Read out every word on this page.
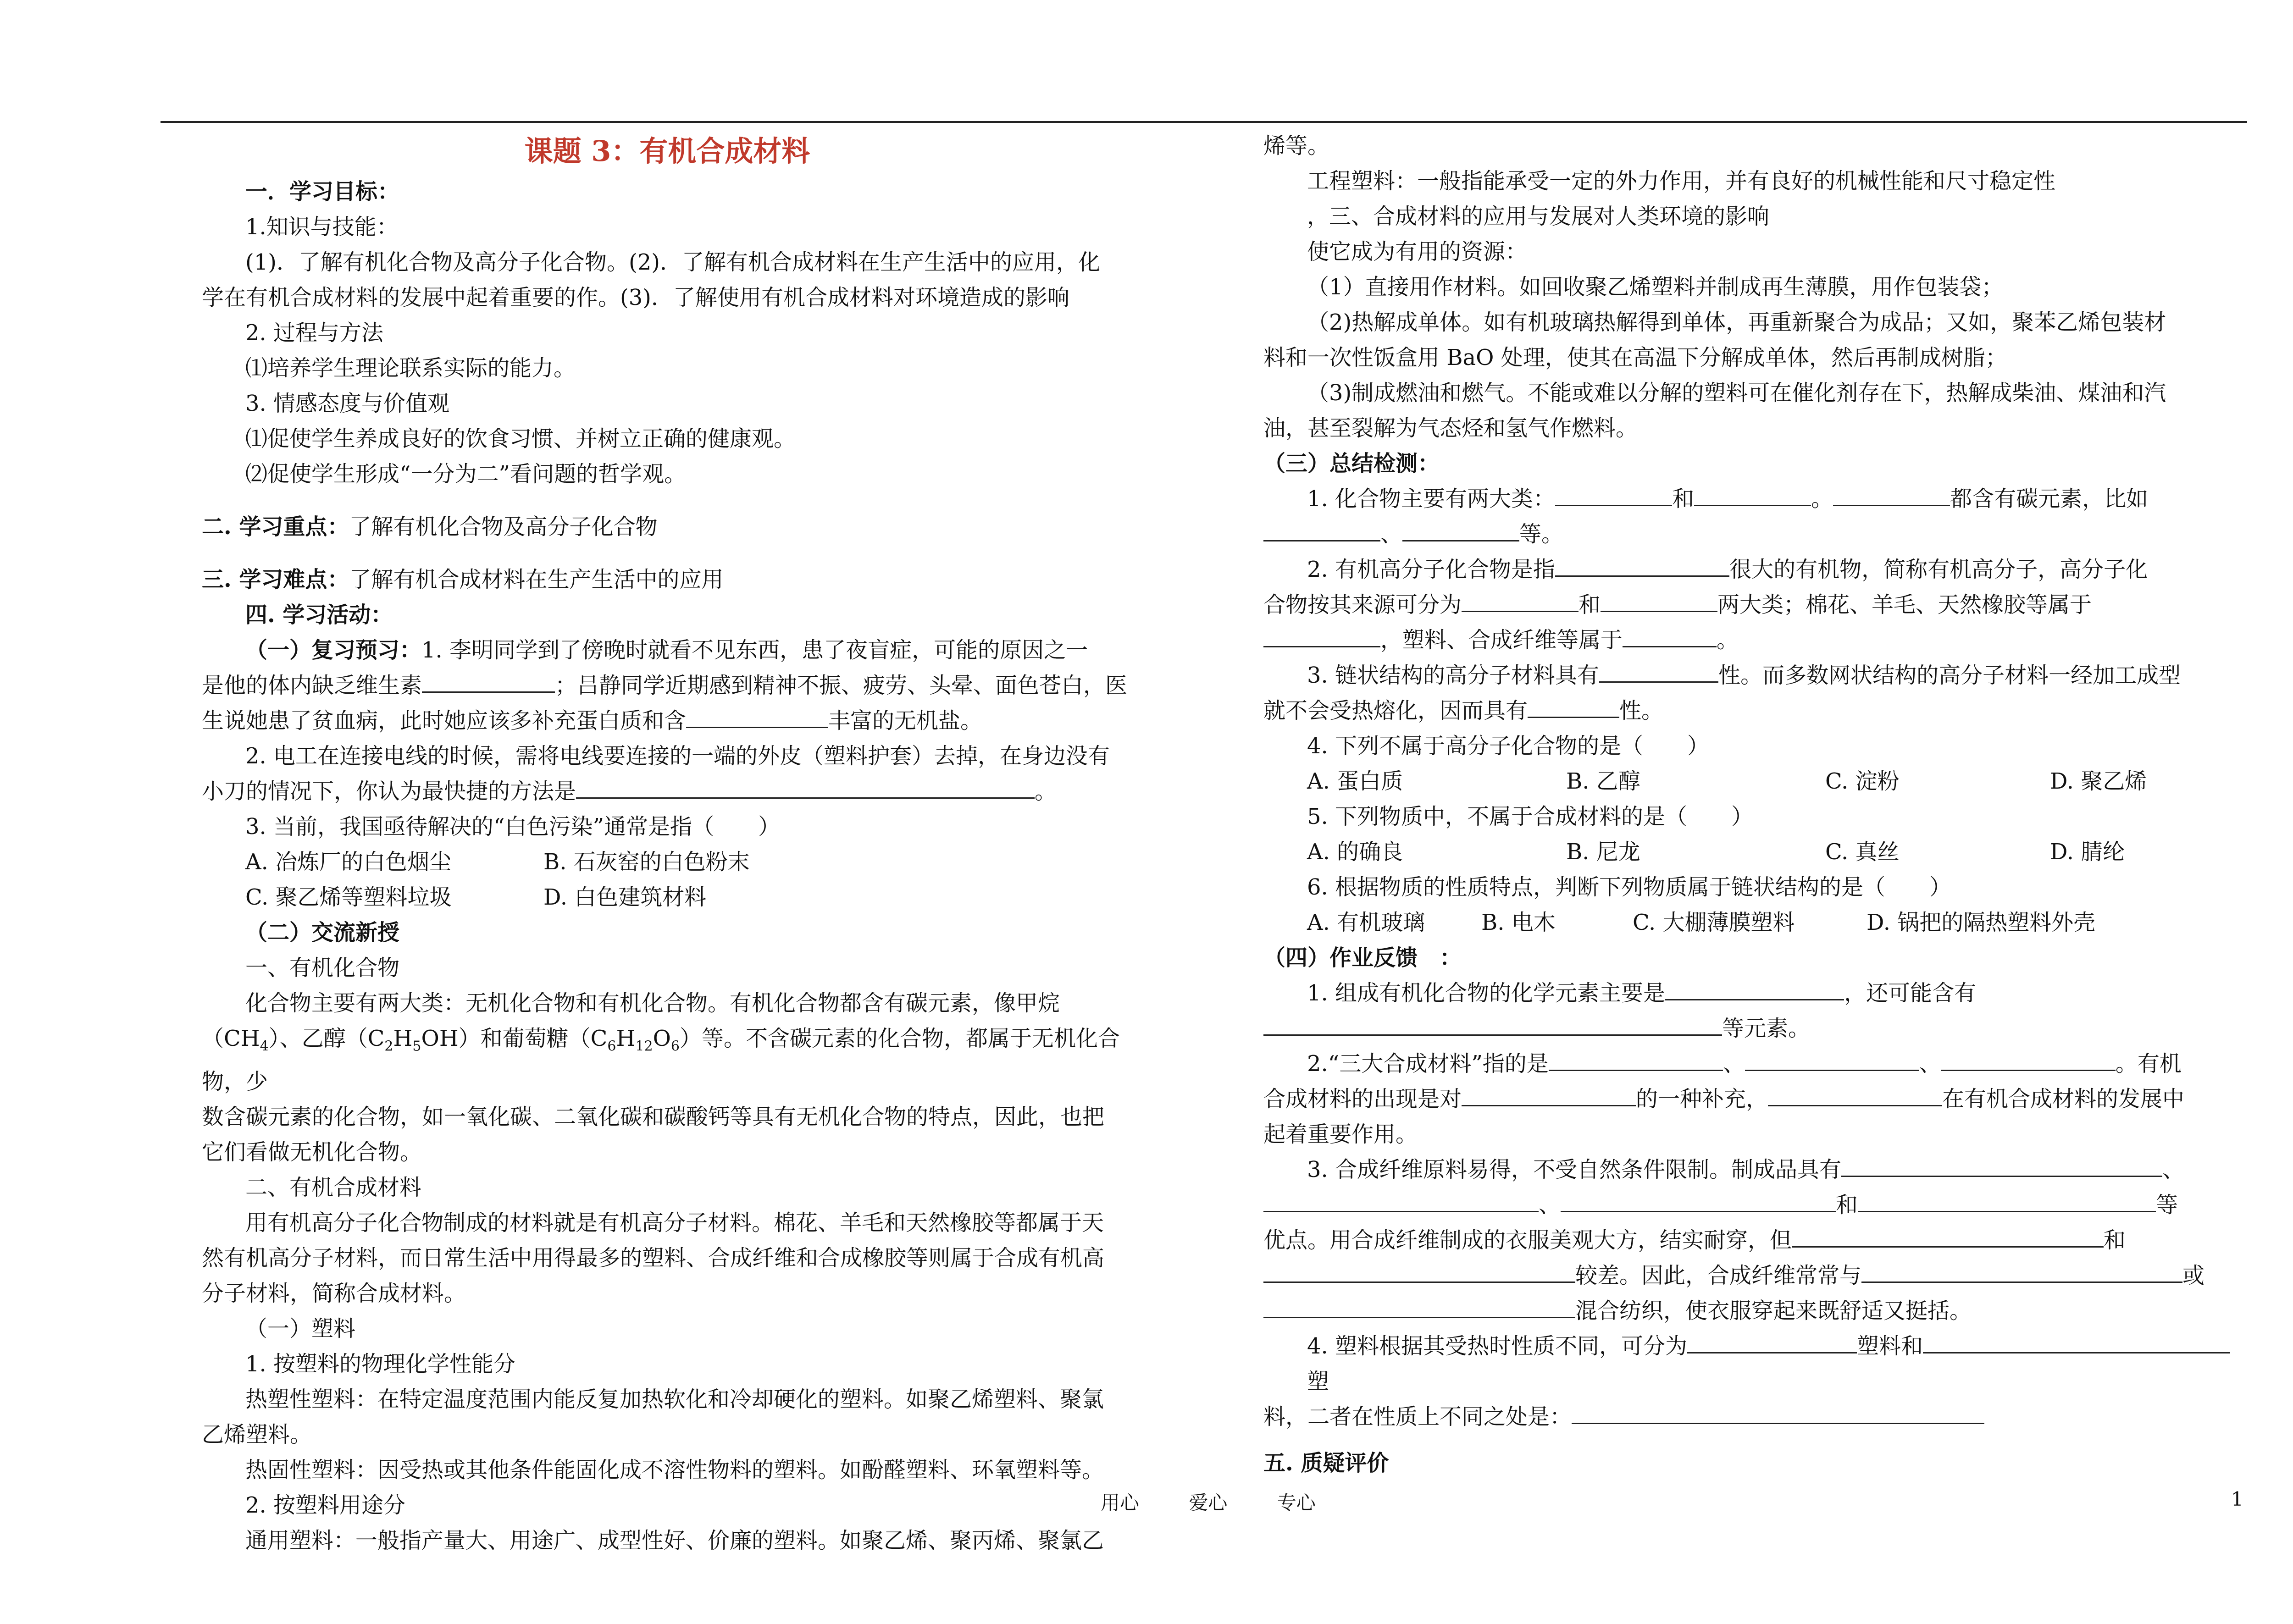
课题 3：有机合成材料

一．学习目标：

1.知识与技能：

(1)．了解有机化合物及高分子化合物。(2)．了解有机合成材料在生产生活中的应用，化

学在有机合成材料的发展中起着重要的作。(3)．了解使用有机合成材料对环境造成的影响

2. 过程与方法

⑴培养学生理论联系实际的能力。

3. 情感态度与价值观

⑴促使学生养成良好的饮食习惯、并树立正确的健康观。

⑵促使学生形成“一分为二”看问题的哲学观。

二. 学习重点：了解有机化合物及高分子化合物

三. 学习难点：了解有机合成材料在生产生活中的应用

四. 学习活动：

（一）复习预习：1. 李明同学到了傍晚时就看不见东西，患了夜盲症，可能的原因之一

是他的体内缺乏维生素	；吕静同学近期感到精神不振、疲劳、头晕、面色苍白，医

生说她患了贫血病，此时她应该多补充蛋白质和含	丰富的无机盐。

2. 电工在连接电线的时候，需将电线要连接的一端的外皮（塑料护套）去掉，在身边没有

小刀的情况下，你认为最快捷的方法是	。

3. 当前，我国亟待解决的“白色污染”通常是指（　　）

A. 冶炼厂的白色烟尘	B. 石灰窑的白色粉末

C. 聚乙烯等塑料垃圾	D. 白色建筑材料

（二）交流新授

一、有机化合物

化合物主要有两大类：无机化合物和有机化合物。有机化合物都含有碳元素，像甲烷

$(CH_4)$、乙醇$(C_2H_5OH)$和葡萄糖$(C_6H_{12}O_6)$等。不含碳元素的化合物，都属于无机化合物，少

数含碳元素的化合物，如一氧化碳、二氧化碳和碳酸钙等具有无机化合物的特点，因此，也把

它们看做无机化合物。

二、有机合成材料

用有机高分子化合物制成的材料就是有机高分子材料。棉花、羊毛和天然橡胶等都属于天

然有机高分子材料，而日常生活中用得最多的塑料、合成纤维和合成橡胶等则属于合成有机高

分子材料，简称合成材料。

（一）塑料

1. 按塑料的物理化学性能分

热塑性塑料：在特定温度范围内能反复加热软化和冷却硬化的塑料。如聚乙烯塑料、聚氯

乙烯塑料。

热固性塑料：因受热或其他条件能固化成不溶性物料的塑料。如酚醛塑料、环氧塑料等。

2. 按塑料用途分

通用塑料：一般指产量大、用途广、成型性好、价廉的塑料。如聚乙烯、聚丙烯、聚氯乙

烯等。

工程塑料：一般指能承受一定的外力作用，并有良好的机械性能和尺寸稳定性

，三、合成材料的应用与发展对人类环境的影响

使它成为有用的资源：

（1）直接用作材料。如回收聚乙烯塑料并制成再生薄膜，用作包装袋；

（2)热解成单体。如有机玻璃热解得到单体，再重新聚合为成品；又如，聚苯乙烯包装材

料和一次性饭盒用 BaO 处理，使其在高温下分解成单体，然后再制成树脂；

（3)制成燃油和燃气。不能或难以分解的塑料可在催化剂存在下，热解成柴油、煤油和汽

油，甚至裂解为气态烃和氢气作燃料。

（三）总结检测：

1. 化合物主要有两大类：	和	。	都含有碳元素，比如

、	等。

2. 有机高分子化合物是指	很大的有机物，简称有机高分子，高分子化

合物按其来源可分为	和	两大类；棉花、羊毛、天然橡胶等属于

，塑料、合成纤维等属于	。

3. 链状结构的高分子材料具有	性。而多数网状结构的高分子材料一经加工成型

就不会受热熔化，因而具有	性。

4. 下列不属于高分子化合物的是（　　）

A. 蛋白质	B. 乙醇	C. 淀粉	D. 聚乙烯

5. 下列物质中，不属于合成材料的是（　　）

A. 的确良	B. 尼龙	C. 真丝	D. 腈纶

6. 根据物质的性质特点，判断下列物质属于链状结构的是（　　）

A. 有机玻璃	B. 电木	C. 大棚薄膜塑料	D. 锅把的隔热塑料外壳

（四）作业反馈　：

1. 组成有机化合物的化学元素主要是	，还可能含有

等元素。

2.“三大合成材料”指的是	、	、	。有机

合成材料的出现是对	的一种补充，	在有机合成材料的发展中

起着重要作用。

3. 合成纤维原料易得，不受自然条件限制。制成品具有	、

、	和	等

优点。用合成纤维制成的衣服美观大方，结实耐穿，但	和

较差。因此，合成纤维常常与	或

混合纺织，使衣服穿起来既舒适又挺括。

4. 塑料根据其受热时性质不同，可分为	塑料和塑

料，二者在性质上不同之处是：

五. 质疑评价

用心	爱心	专心	1
